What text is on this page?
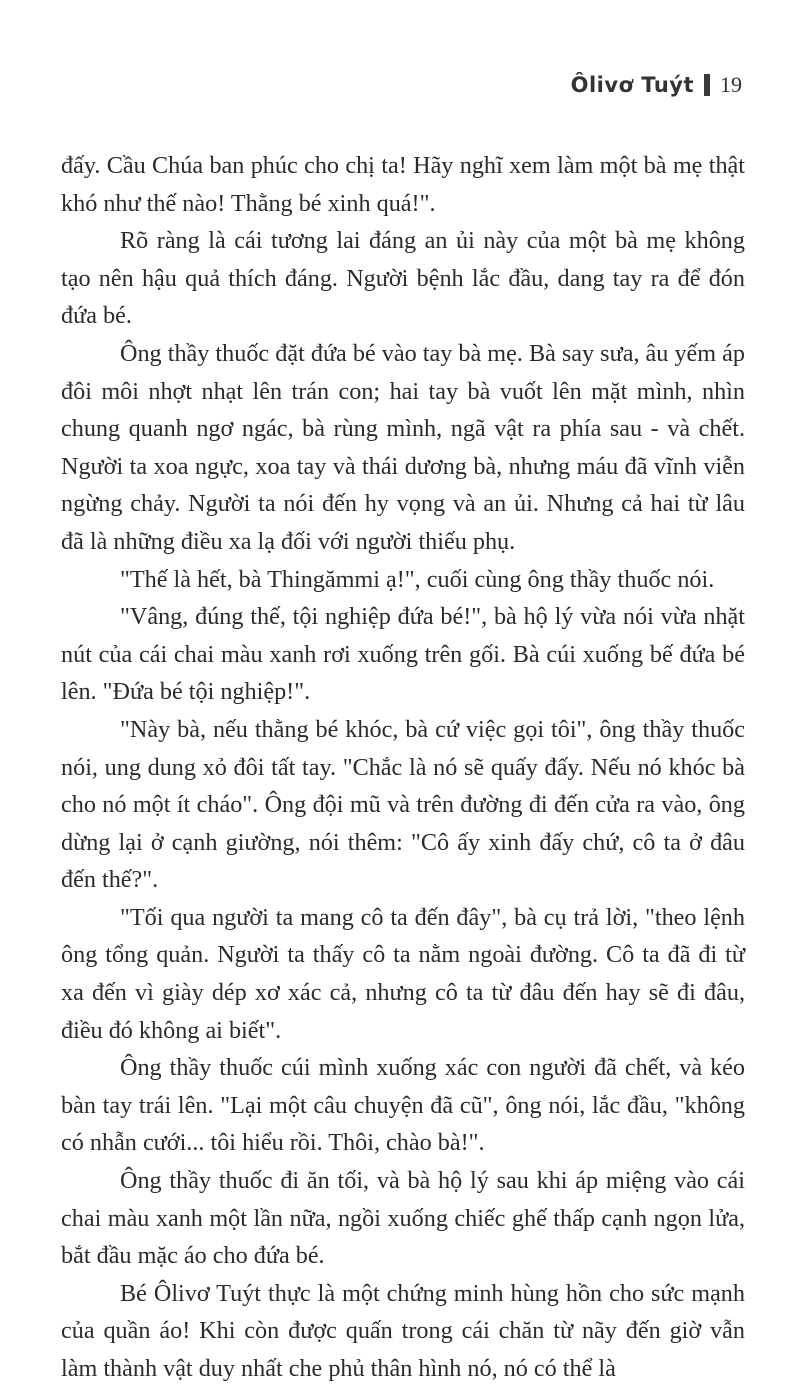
Ôlivơ Tuýt 19

đấy. Cầu Chúa ban phúc cho chị ta! Hãy nghĩ xem làm một bà mẹ thật khó như thế nào! Thằng bé xinh quá!".

Rõ ràng là cái tương lai đáng an ủi này của một bà mẹ không tạo nên hậu quả thích đáng. Người bệnh lắc đầu, dang tay ra để đón đứa bé.

Ông thầy thuốc đặt đứa bé vào tay bà mẹ. Bà say sưa, âu yếm áp đôi môi nhợt nhạt lên trán con; hai tay bà vuốt lên mặt mình, nhìn chung quanh ngơ ngác, bà rùng mình, ngã vật ra phía sau - và chết. Người ta xoa ngực, xoa tay và thái dương bà, nhưng máu đã vĩnh viễn ngừng chảy. Người ta nói đến hy vọng và an ủi. Nhưng cả hai từ lâu đã là những điều xa lạ đối với người thiếu phụ.

"Thế là hết, bà Thingămmi ạ!", cuối cùng ông thầy thuốc nói.

"Vâng, đúng thế, tội nghiệp đứa bé!", bà hộ lý vừa nói vừa nhặt nút của cái chai màu xanh rơi xuống trên gối. Bà cúi xuống bế đứa bé lên. "Đứa bé tội nghiệp!".

"Này bà, nếu thằng bé khóc, bà cứ việc gọi tôi", ông thầy thuốc nói, ung dung xỏ đôi tất tay. "Chắc là nó sẽ quấy đấy. Nếu nó khóc bà cho nó một ít cháo". Ông đội mũ và trên đường đi đến cửa ra vào, ông dừng lại ở cạnh giường, nói thêm: "Cô ấy xinh đấy chứ, cô ta ở đâu đến thế?".

"Tối qua người ta mang cô ta đến đây", bà cụ trả lời, "theo lệnh ông tổng quản. Người ta thấy cô ta nằm ngoài đường. Cô ta đã đi từ xa đến vì giày dép xơ xác cả, nhưng cô ta từ đâu đến hay sẽ đi đâu, điều đó không ai biết".

Ông thầy thuốc cúi mình xuống xác con người đã chết, và kéo bàn tay trái lên. "Lại một câu chuyện đã cũ", ông nói, lắc đầu, "không có nhẫn cưới... tôi hiểu rồi. Thôi, chào bà!".

Ông thầy thuốc đi ăn tối, và bà hộ lý sau khi áp miệng vào cái chai màu xanh một lần nữa, ngồi xuống chiếc ghế thấp cạnh ngọn lửa, bắt đầu mặc áo cho đứa bé.

Bé Ôlivơ Tuýt thực là một chứng minh hùng hồn cho sức mạnh của quần áo! Khi còn được quấn trong cái chăn từ nãy đến giờ vẫn làm thành vật duy nhất che phủ thân hình nó, nó có thể là
